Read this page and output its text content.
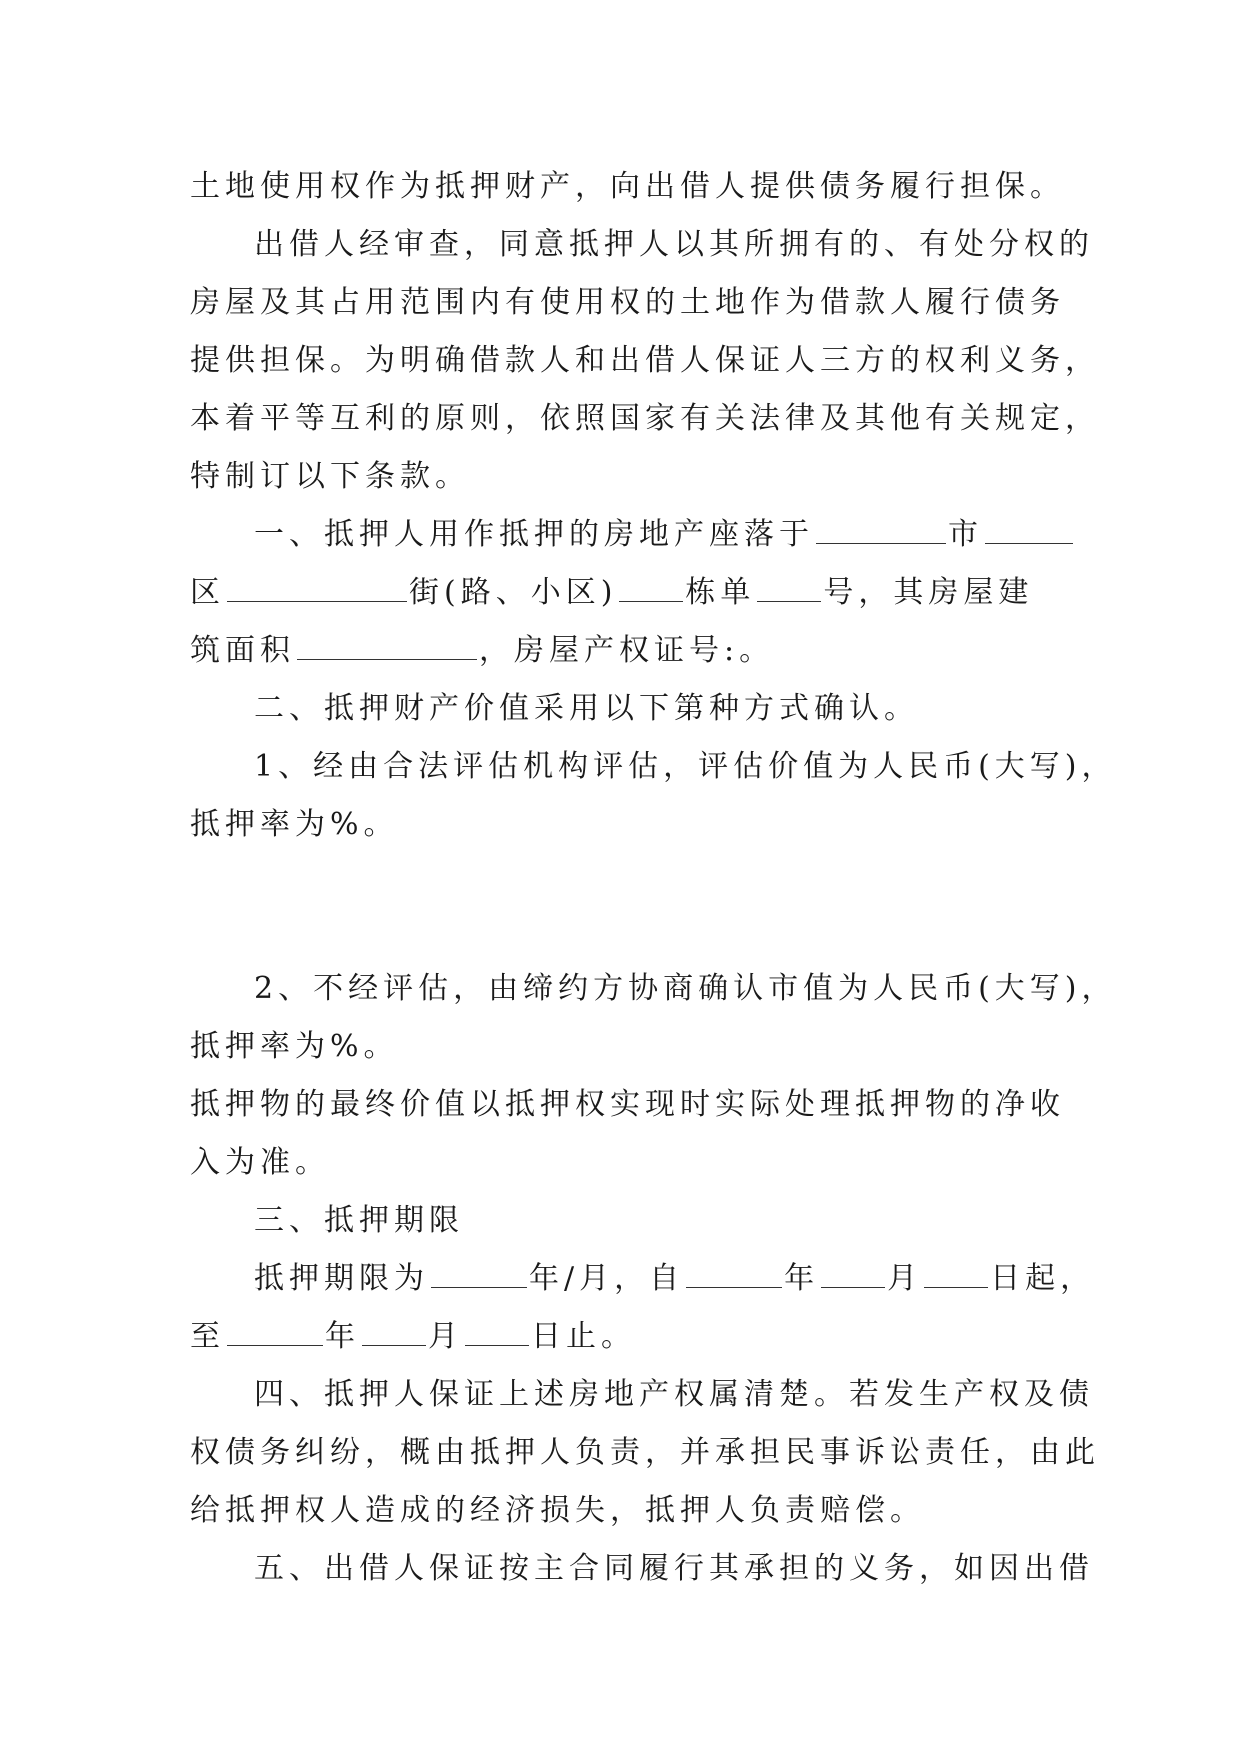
土地使用权作为抵押财产，向出借人提供债务履行担保。
出借人经审查，同意抵押人以其所拥有的、有处分权的
房屋及其占用范围内有使用权的土地作为借款人履行债务
提供担保。为明确借款人和出借人保证人三方的权利义务，
本着平等互利的原则，依照国家有关法律及其他有关规定，
特制订以下条款。
一、抵押人用作抵押的房地产座落于	市
区	街(路、小区) 栋单 号，其房屋建
筑面积	，房屋产权证号:。
二、抵押财产价值采用以下第种方式确认。
1、经由合法评估机构评估，评估价值为人民币(大写)，
抵押率为%。
2、不经评估，由缔约方协商确认市值为人民币(大写)，
抵押率为%。
抵押物的最终价值以抵押权实现时实际处理抵押物的净收
入为准。
三、抵押期限
抵押期限为	年/月，自	年 月 日起，
至	年 月 日止。
四、抵押人保证上述房地产权属清楚。若发生产权及债
权债务纠纷，概由抵押人负责，并承担民事诉讼责任，由此
给抵押权人造成的经济损失，抵押人负责赔偿。
五、出借人保证按主合同履行其承担的义务，如因出借
